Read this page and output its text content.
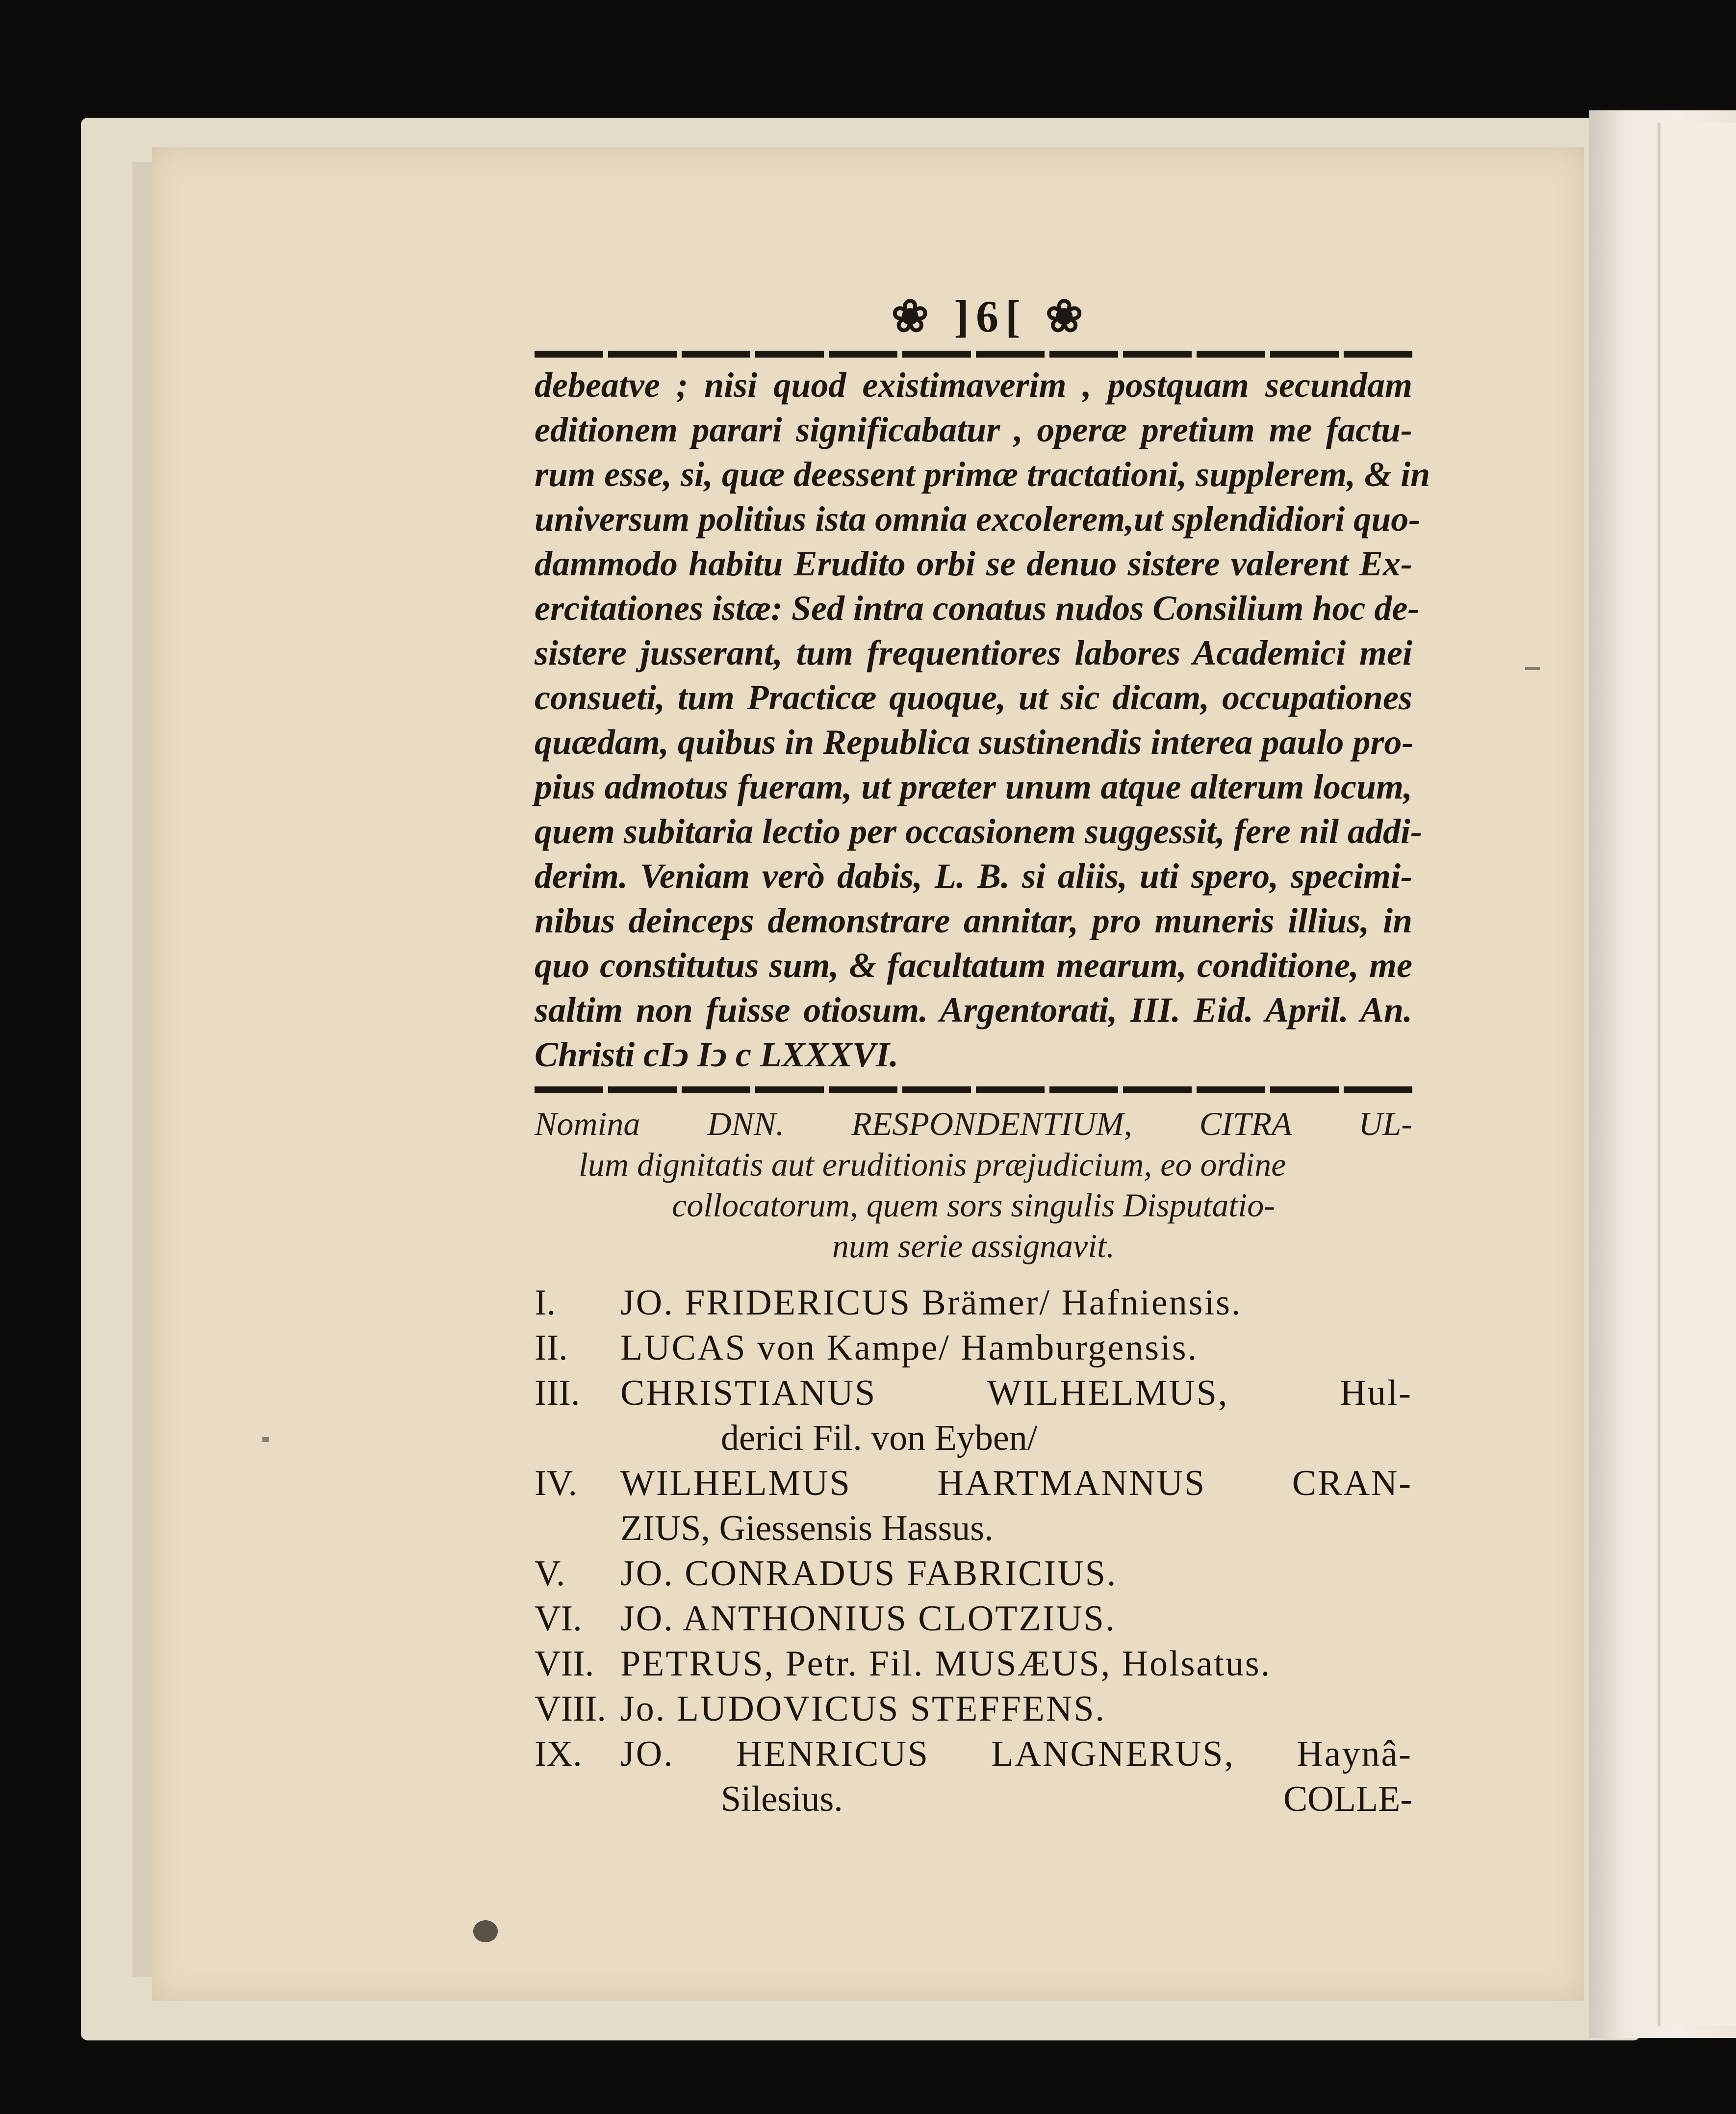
❀ ]6[ ❀
debeatve ; nisi quod existimaverim , postquam secundam
editionem parari significabatur , operæ pretium me factu-
rum esse, si, quæ deessent primæ tractationi, supplerem, & in
universum politius ista omnia excolerem,ut splendidiori quo-
dammodo habitu Erudito orbi se denuo sistere valerent Ex-
ercitationes istæ: Sed intra conatus nudos Consilium hoc de-
sistere jusserant, tum frequentiores labores Academici mei
consueti, tum Practicæ quoque, ut sic dicam, occupationes
quædam, quibus in Republica sustinendis interea paulo pro-
pius admotus fueram, ut præter unum atque alterum locum,
quem subitaria lectio per occasionem suggessit, fere nil addi-
derim. Veniam verò dabis, L. B. si aliis, uti spero, specimi-
nibus deinceps demonstrare annitar, pro muneris illius, in
quo constitutus sum, & facultatum mearum, conditione, me
saltim non fuisse otiosum. Argentorati, III. Eid. April. An.
Christi cIↄ Iↄ c LXXXVI.
Nomina DNN. RESPONDENTIUM, CITRA UL-
lum dignitatis aut eruditionis præjudicium, eo ordine
collocatorum, quem sors singulis Disputatio-
num serie assignavit.
I.	JO. FRIDERICUS Brämer/ Hafniensis.
II.	LUCAS von Kampe/ Hamburgensis.
III.	CHRISTIANUS WILHELMUS, Hul-
derici Fil. von Eyben/
IV.	WILHELMUS HARTMANNUS CRAN-
ZIUS, Giessensis Hassus.
V.	JO. CONRADUS FABRICIUS.
VI.	JO. ANTHONIUS CLOTZIUS.
VII. PETRUS, Petr. Fil. MUSÆUS, Holsatus.
VIII. Jo. LUDOVICUS STEFFENS.
IX.	JO. HENRICUS LANGNERUS, Haynâ-
Silesius.	COLLE-
